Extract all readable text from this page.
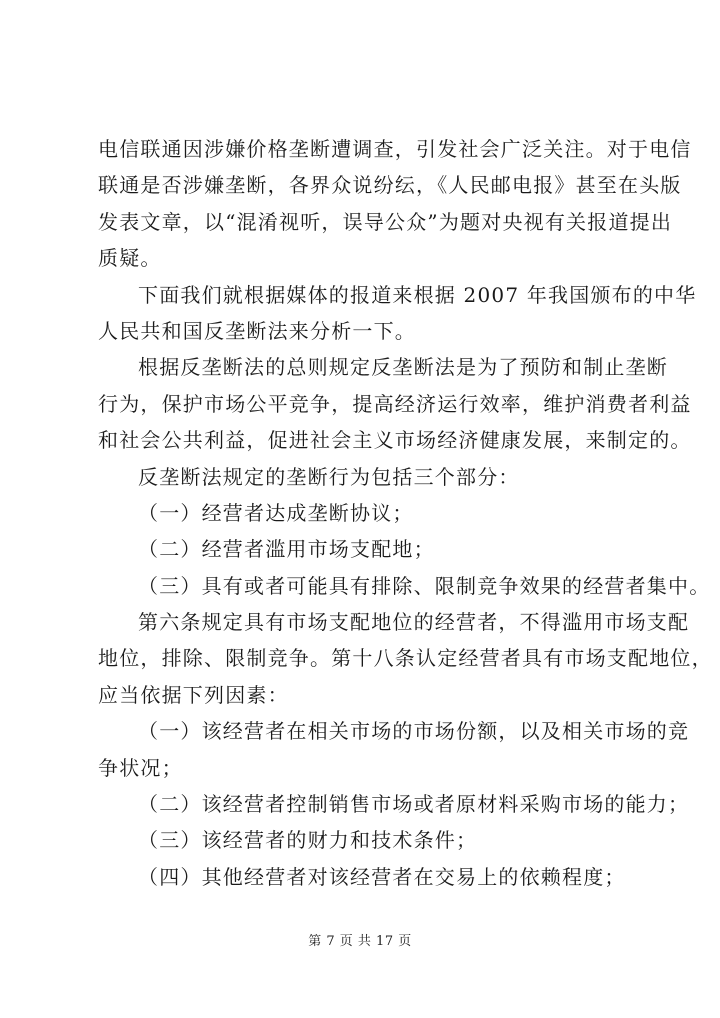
电信联通因涉嫌价格垄断遭调查，引发社会广泛关注。对于电信
联通是否涉嫌垄断，各界众说纷纭，《人民邮电报》甚至在头版
发表文章，以“混淆视听，误导公众”为题对央视有关报道提出
质疑。

下面我们就根据媒体的报道来根据 2007 年我国颁布的中华
人民共和国反垄断法来分析一下。

根据反垄断法的总则规定反垄断法是为了预防和制止垄断
行为，保护市场公平竞争，提高经济运行效率，维护消费者利益
和社会公共利益，促进社会主义市场经济健康发展，来制定的。

反垄断法规定的垄断行为包括三个部分：

（一）经营者达成垄断协议；

（二）经营者滥用市场支配地；

（三）具有或者可能具有排除、限制竞争效果的经营者集中。

第六条规定具有市场支配地位的经营者，不得滥用市场支配
地位，排除、限制竞争。第十八条认定经营者具有市场支配地位，
应当依据下列因素：

（一）该经营者在相关市场的市场份额，以及相关市场的竞
争状况；

（二）该经营者控制销售市场或者原材料采购市场的能力；

（三）该经营者的财力和技术条件；

（四）其他经营者对该经营者在交易上的依赖程度；

第 7 页 共 17 页
